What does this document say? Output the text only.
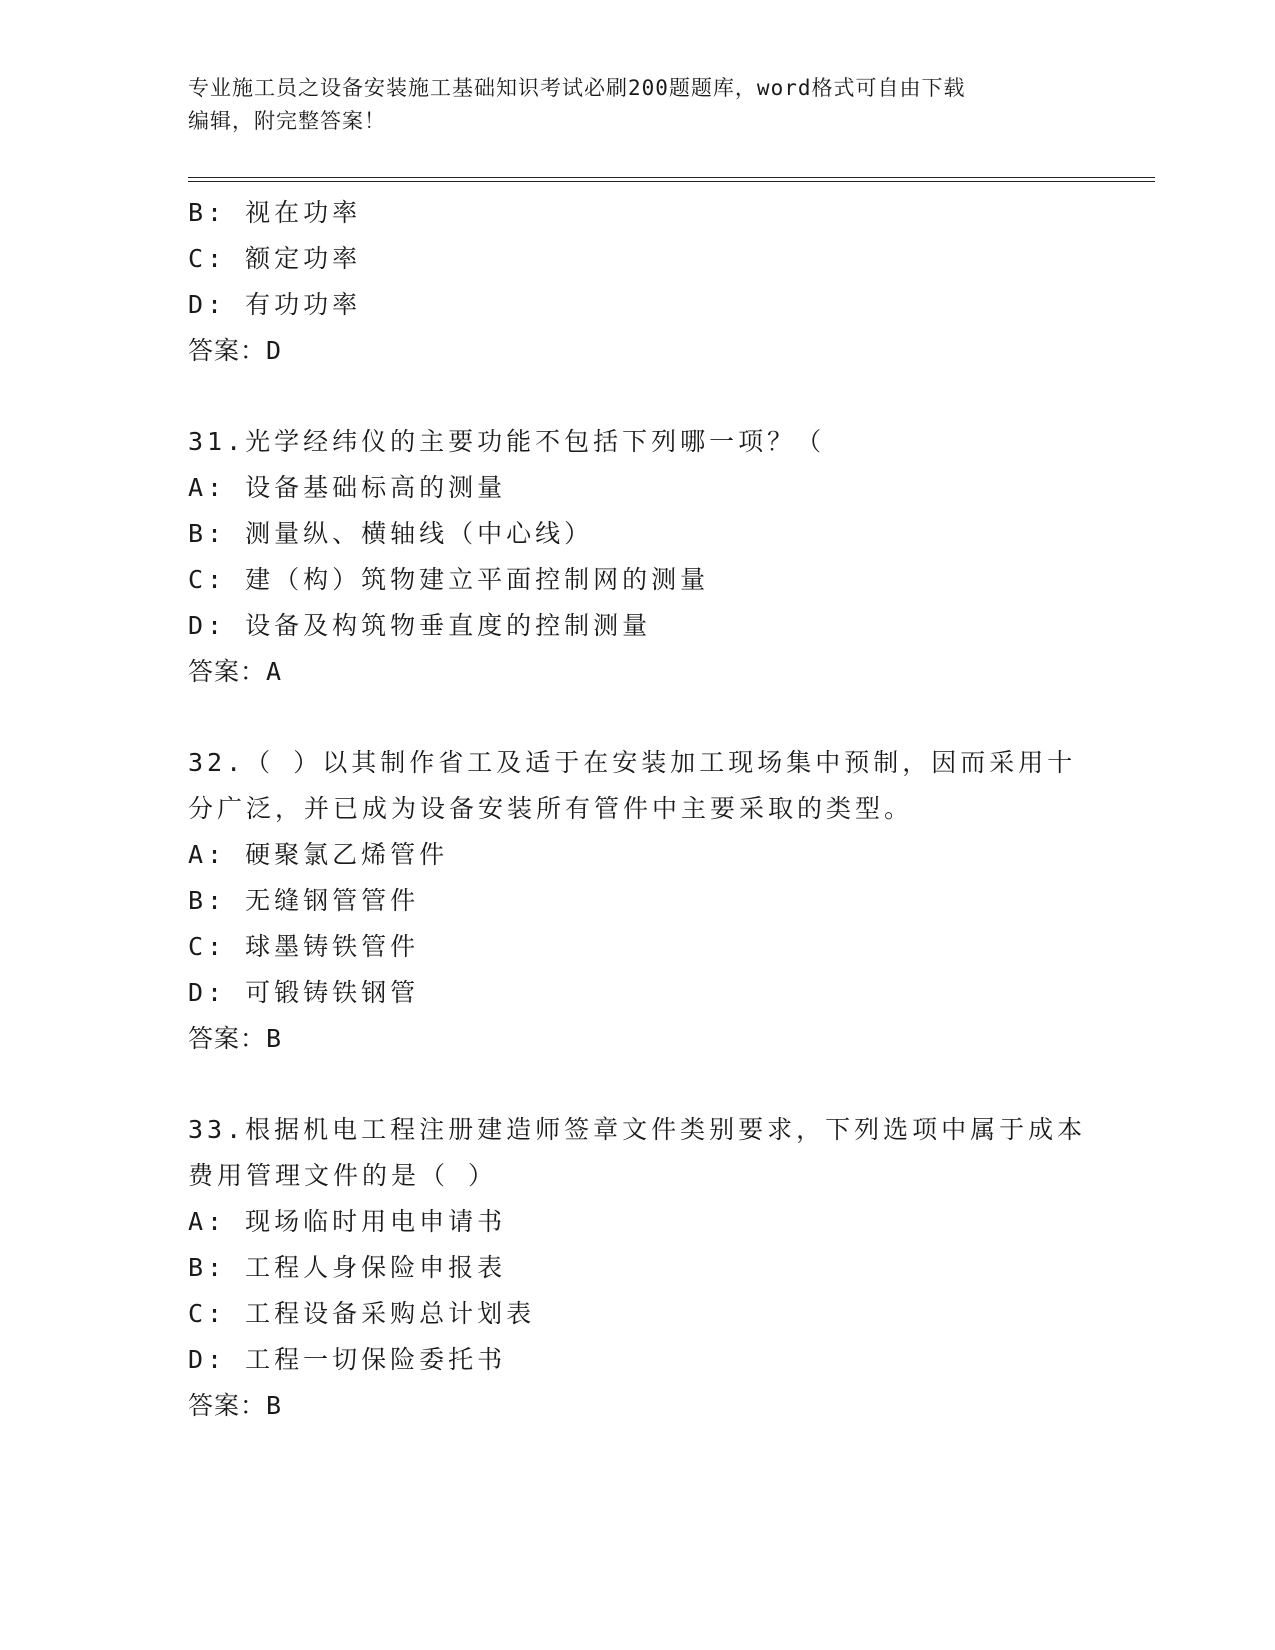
专业施工员之设备安装施工基础知识考试必刷200题题库，word格式可自由下载
编辑，附完整答案！
B: 视在功率
C: 额定功率
D: 有功功率
答案：D
31.光学经纬仪的主要功能不包括下列哪一项？（
A: 设备基础标高的测量
B: 测量纵、横轴线（中心线）
C: 建（构）筑物建立平面控制网的测量
D: 设备及构筑物垂直度的控制测量
答案：A
32.（ ）以其制作省工及适于在安装加工现场集中预制，因而采用十
分广泛，并已成为设备安装所有管件中主要采取的类型。
A: 硬聚氯乙烯管件
B: 无缝钢管管件
C: 球墨铸铁管件
D: 可锻铸铁钢管
答案：B
33.根据机电工程注册建造师签章文件类别要求，下列选项中属于成本
费用管理文件的是（ ）
A: 现场临时用电申请书
B: 工程人身保险申报表
C: 工程设备采购总计划表
D: 工程一切保险委托书
答案：B
